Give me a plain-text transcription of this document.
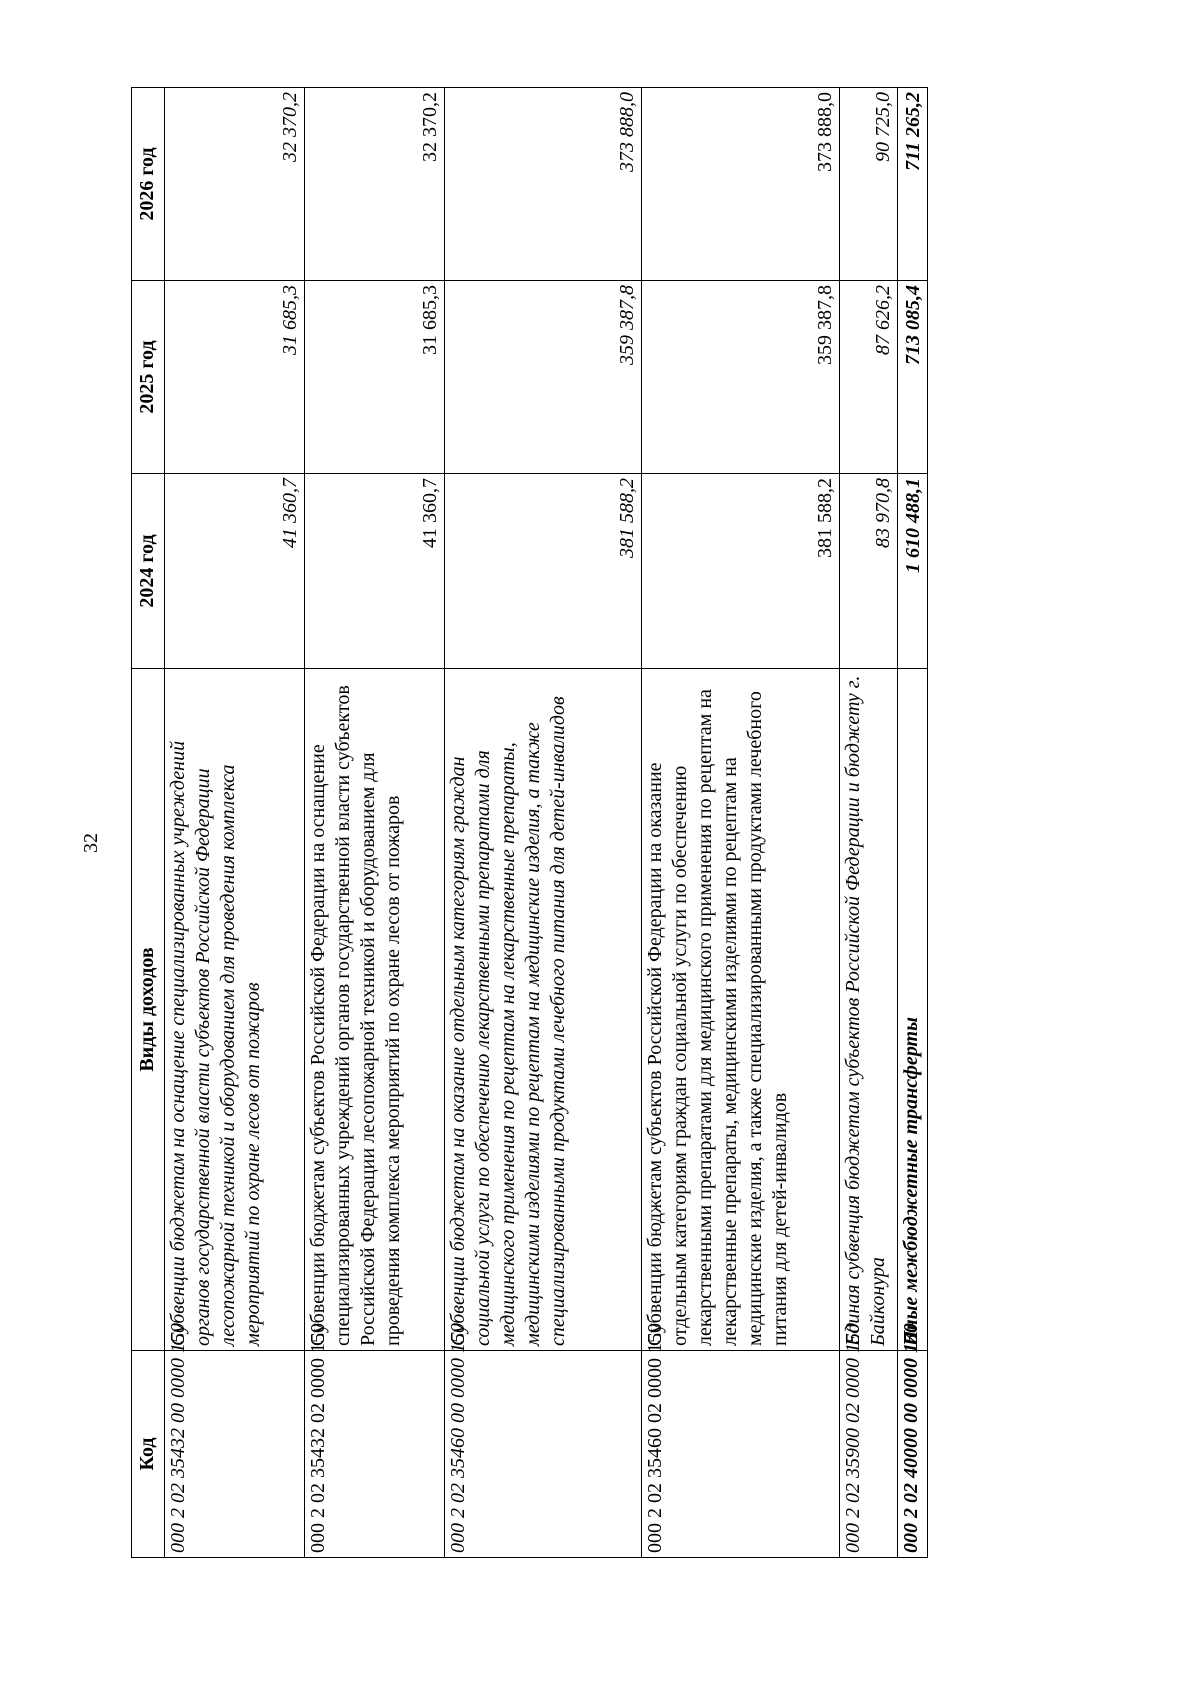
32
Код	Виды доходов	2024 год	2025 год	2026 год
000 2 02 35432 00 0000 150	Субвенции бюджетам на оснащение специализированных учреждений органов государственной власти субъектов Российской Федерации лесопожарной техникой и оборудованием для проведения комплекса мероприятий по охране лесов от пожаров	41 360,7	31 685,3	32 370,2
000 2 02 35432 02 0000 150	Субвенции бюджетам субъектов Российской Федерации на оснащение специализированных учреждений органов государственной власти субъектов Российской Федерации лесопожарной техникой и оборудованием для проведения комплекса мероприятий по охране лесов от пожаров	41 360,7	31 685,3	32 370,2
000 2 02 35460 00 0000 150	Субвенции бюджетам на оказание отдельным категориям граждан социальной услуги по обеспечению лекарственными препаратами для медицинского применения по рецептам на лекарственные препараты, медицинскими изделиями по рецептам на медицинские изделия, а также специализированными продуктами лечебного питания для детей-инвалидов	381 588,2	359 387,8	373 888,0
000 2 02 35460 02 0000 150	Субвенции бюджетам субъектов Российской Федерации на оказание отдельным категориям граждан социальной услуги по обеспечению лекарственными препаратами для медицинского применения по рецептам на лекарственные препараты, медицинскими изделиями по рецептам на медицинские изделия, а также специализированными продуктами лечебного питания для детей-инвалидов	381 588,2	359 387,8	373 888,0
000 2 02 35900 02 0000 150	Единая субвенция бюджетам субъектов Российской Федерации и бюджету г. Байконура	83 970,8	87 626,2	90 725,0
000 2 02 40000 00 0000 150	Иные межбюджетные трансферты	1 610 488,1	713 085,4	711 265,2
